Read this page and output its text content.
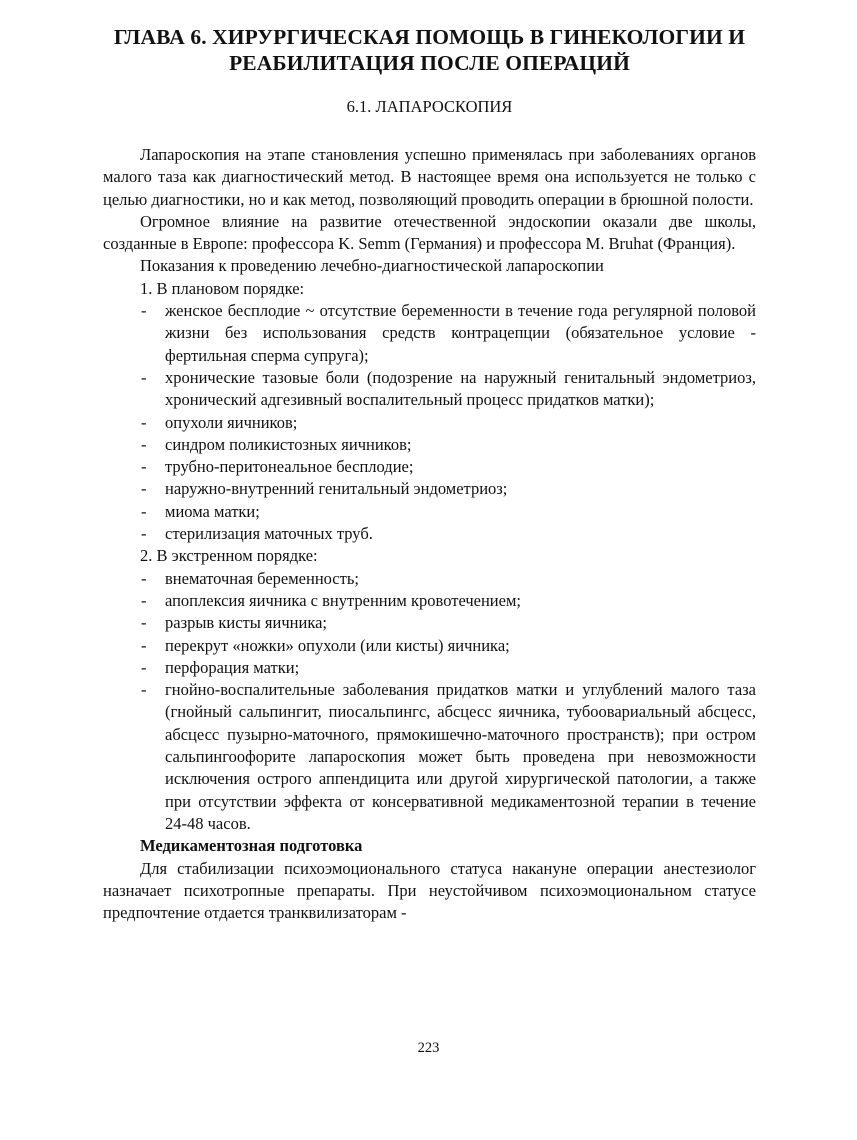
ГЛАВА 6. ХИРУРГИЧЕСКАЯ ПОМОЩЬ В ГИНЕКОЛОГИИ И РЕАБИЛИТАЦИЯ ПОСЛЕ ОПЕРАЦИЙ
6.1. ЛАПАРОСКОПИЯ

Лапароскопия на этапе становления успешно применялась при заболеваниях органов малого таза как диагностический метод. В настоящее время она используется не только с целью диагностики, но и как метод, позволяющий проводить операции в брюшной полости.

Огромное влияние на развитие отечественной эндоскопии оказали две школы, созданные в Европе: профессора K. Semm (Германия) и профессора M. Bruhat (Франция).

Показания к проведению лечебно-диагностической лапароскопии

1. В плановом порядке:

- женское бесплодие ~ отсутствие беременности в течение года регулярной половой жизни без использования средств контрацепции (обязательное условие - фертильная сперма супруга);
- хронические тазовые боли (подозрение на наружный генитальный эндометриоз, хронический адгезивный воспалительный процесс придатков матки);
- опухоли яичников;
- синдром поликистозных яичников;
- трубно-перитонеальное бесплодие;
- наружно-внутренний генитальный эндометриоз;
- миома матки;
- стерилизация маточных труб.

2. В экстренном порядке:

- внематочная беременность;
- апоплексия яичника с внутренним кровотечением;
- разрыв кисты яичника;
- перекрут «ножки» опухоли (или кисты) яичника;
- перфорация матки;
- гнойно-воспалительные заболевания придатков матки и углублений малого таза (гнойный сальпингит, пиосальпингс, абсцесс яичника, тубоовариальный абсцесс, абсцесс пузырно-маточного, прямокишечно-маточного пространств); при остром сальпингоофорите лапароскопия может быть проведена при невозможности исключения острого аппендицита или другой хирургической патологии, а также при отсутствии эффекта от консервативной медикаментозной терапии в течение 24-48 часов.

Медикаментозная подготовка

Для стабилизации психоэмоционального статуса накануне операции анестезиолог назначает психотропные препараты. При неустойчивом психоэмоциональном статусе предпочтение отдается транквилизаторам -

223
